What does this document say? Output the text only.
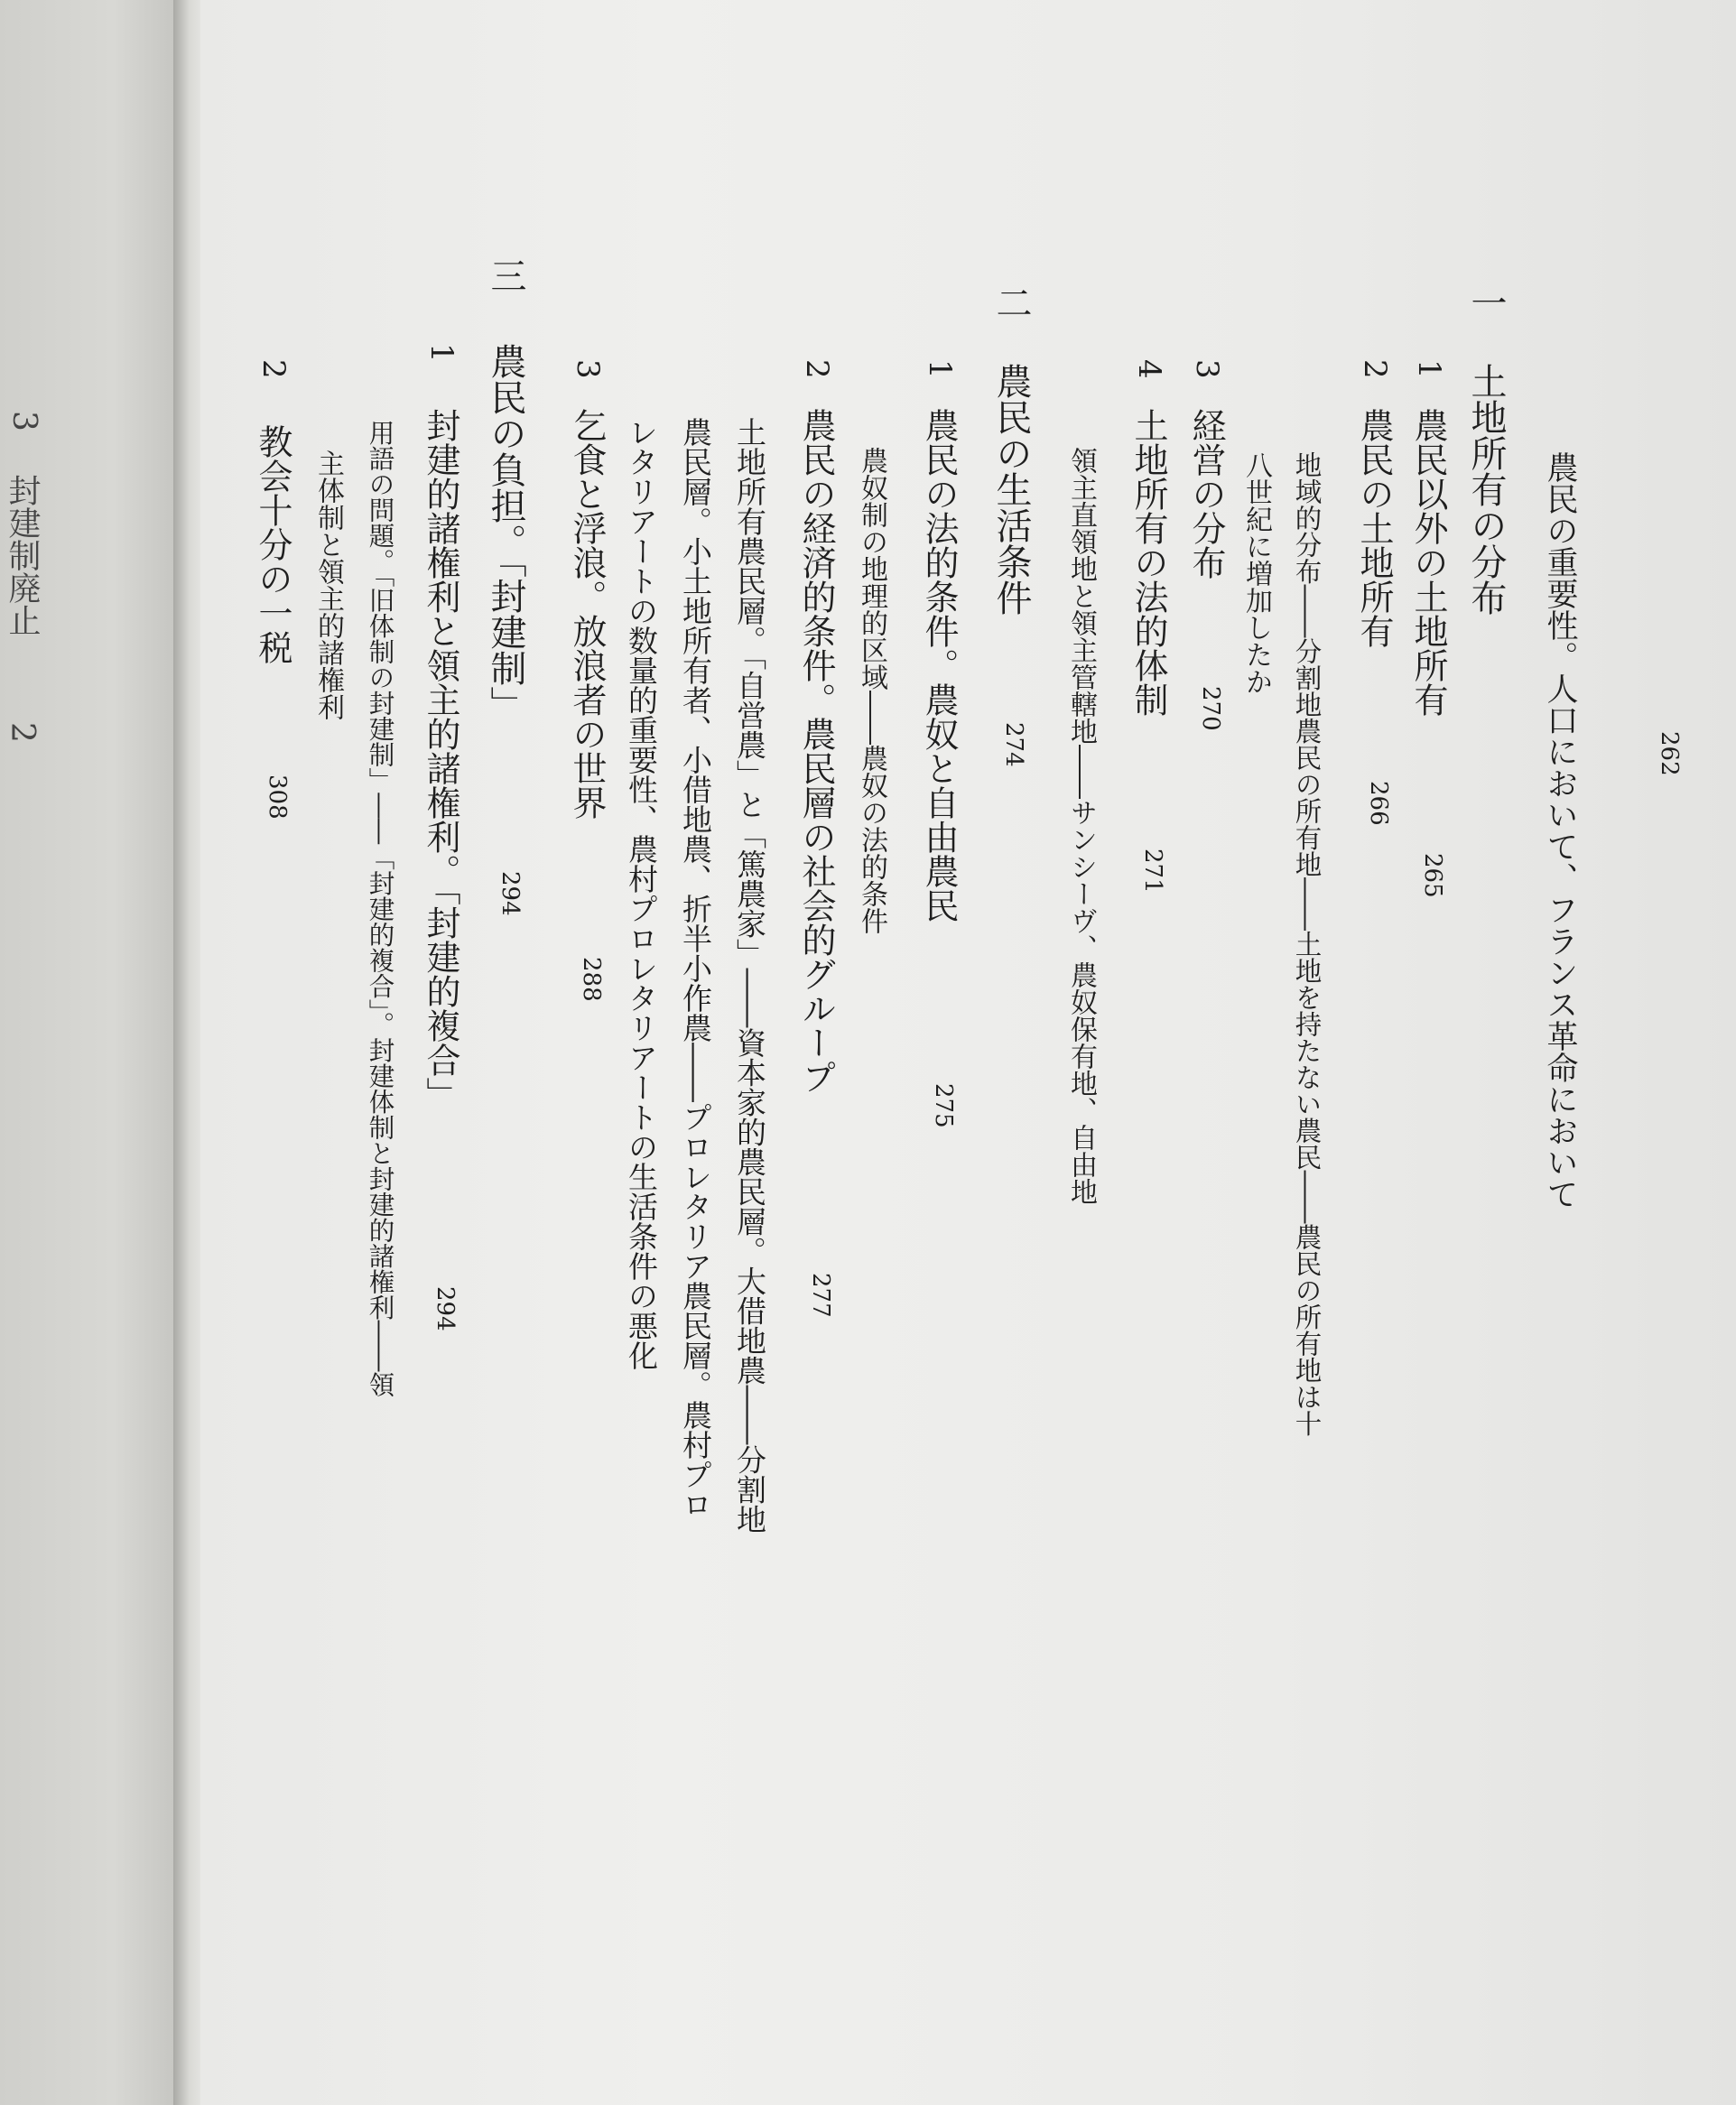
3
封建制廃止
2	農民の重要性。人口において、フランス革命において	262
一
土地所有の分布
1
農民以外の土地所有
265
2
農民の土地所有
266
地域的分布――分割地農民の所有地――土地を持たない農民――農民の所有地は十
八世紀に増加したか
3
経営の分布
270
4
土地所有の法的体制
271
領主直領地と領主管轄地――サンシーヴ、農奴保有地、自由地
二
農民の生活条件
274
1
農民の法的条件。農奴と自由農民
275
農奴制の地理的区域――農奴の法的条件
2
農民の経済的条件。農民層の社会的グループ
277
土地所有農民層。「自営農」と「篤農家」――資本家的農民層。大借地農――分割地
農民層。小土地所有者、小借地農、折半小作農――プロレタリア農民層。農村プロ
レタリアートの数量的重要性、農村プロレタリアートの生活条件の悪化
3
乞食と浮浪。放浪者の世界
288
三
農民の負担。「封建制」
294
1
封建的諸権利と領主的諸権利。「封建的複合」
294
用語の問題。「旧体制の封建制」――「封建的複合」。封建体制と封建的諸権利――領
主体制と領主的諸権利
2
教会十分の一税
308
